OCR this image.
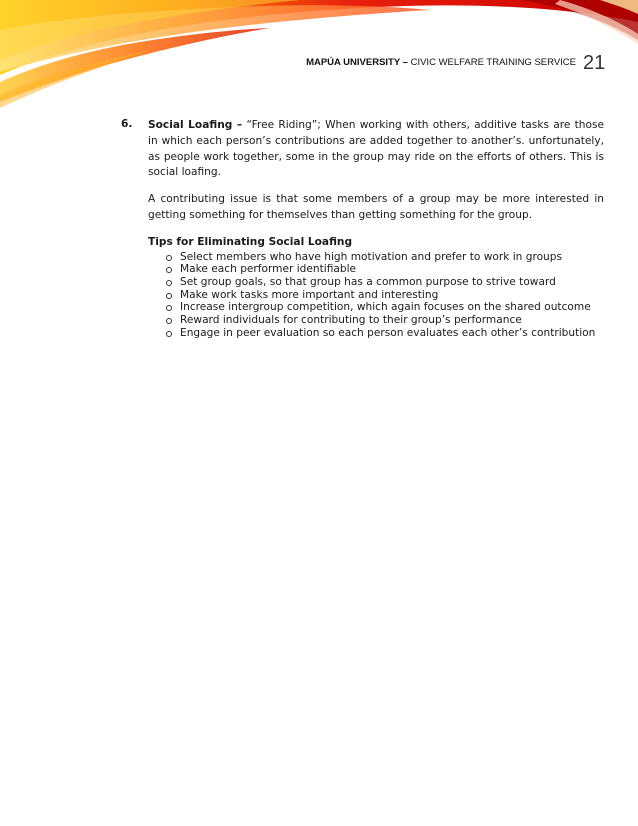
MAPÚA UNIVERSITY – CIVIC WELFARE TRAINING SERVICE 21
6. Social Loafing – “Free Riding”; When working with others, additive tasks are those in which each person’s contributions are added together to another’s. unfortunately, as people work together, some in the group may ride on the efforts of others. This is social loafing.

A contributing issue is that some members of a group may be more interested in getting something for themselves than getting something for the group.

Tips for Eliminating Social Loafing
Select members who have high motivation and prefer to work in groups
Make each performer identifiable
Set group goals, so that group has a common purpose to strive toward
Make work tasks more important and interesting
Increase intergroup competition, which again focuses on the shared outcome
Reward individuals for contributing to their group’s performance
Engage in peer evaluation so each person evaluates each other’s contribution
